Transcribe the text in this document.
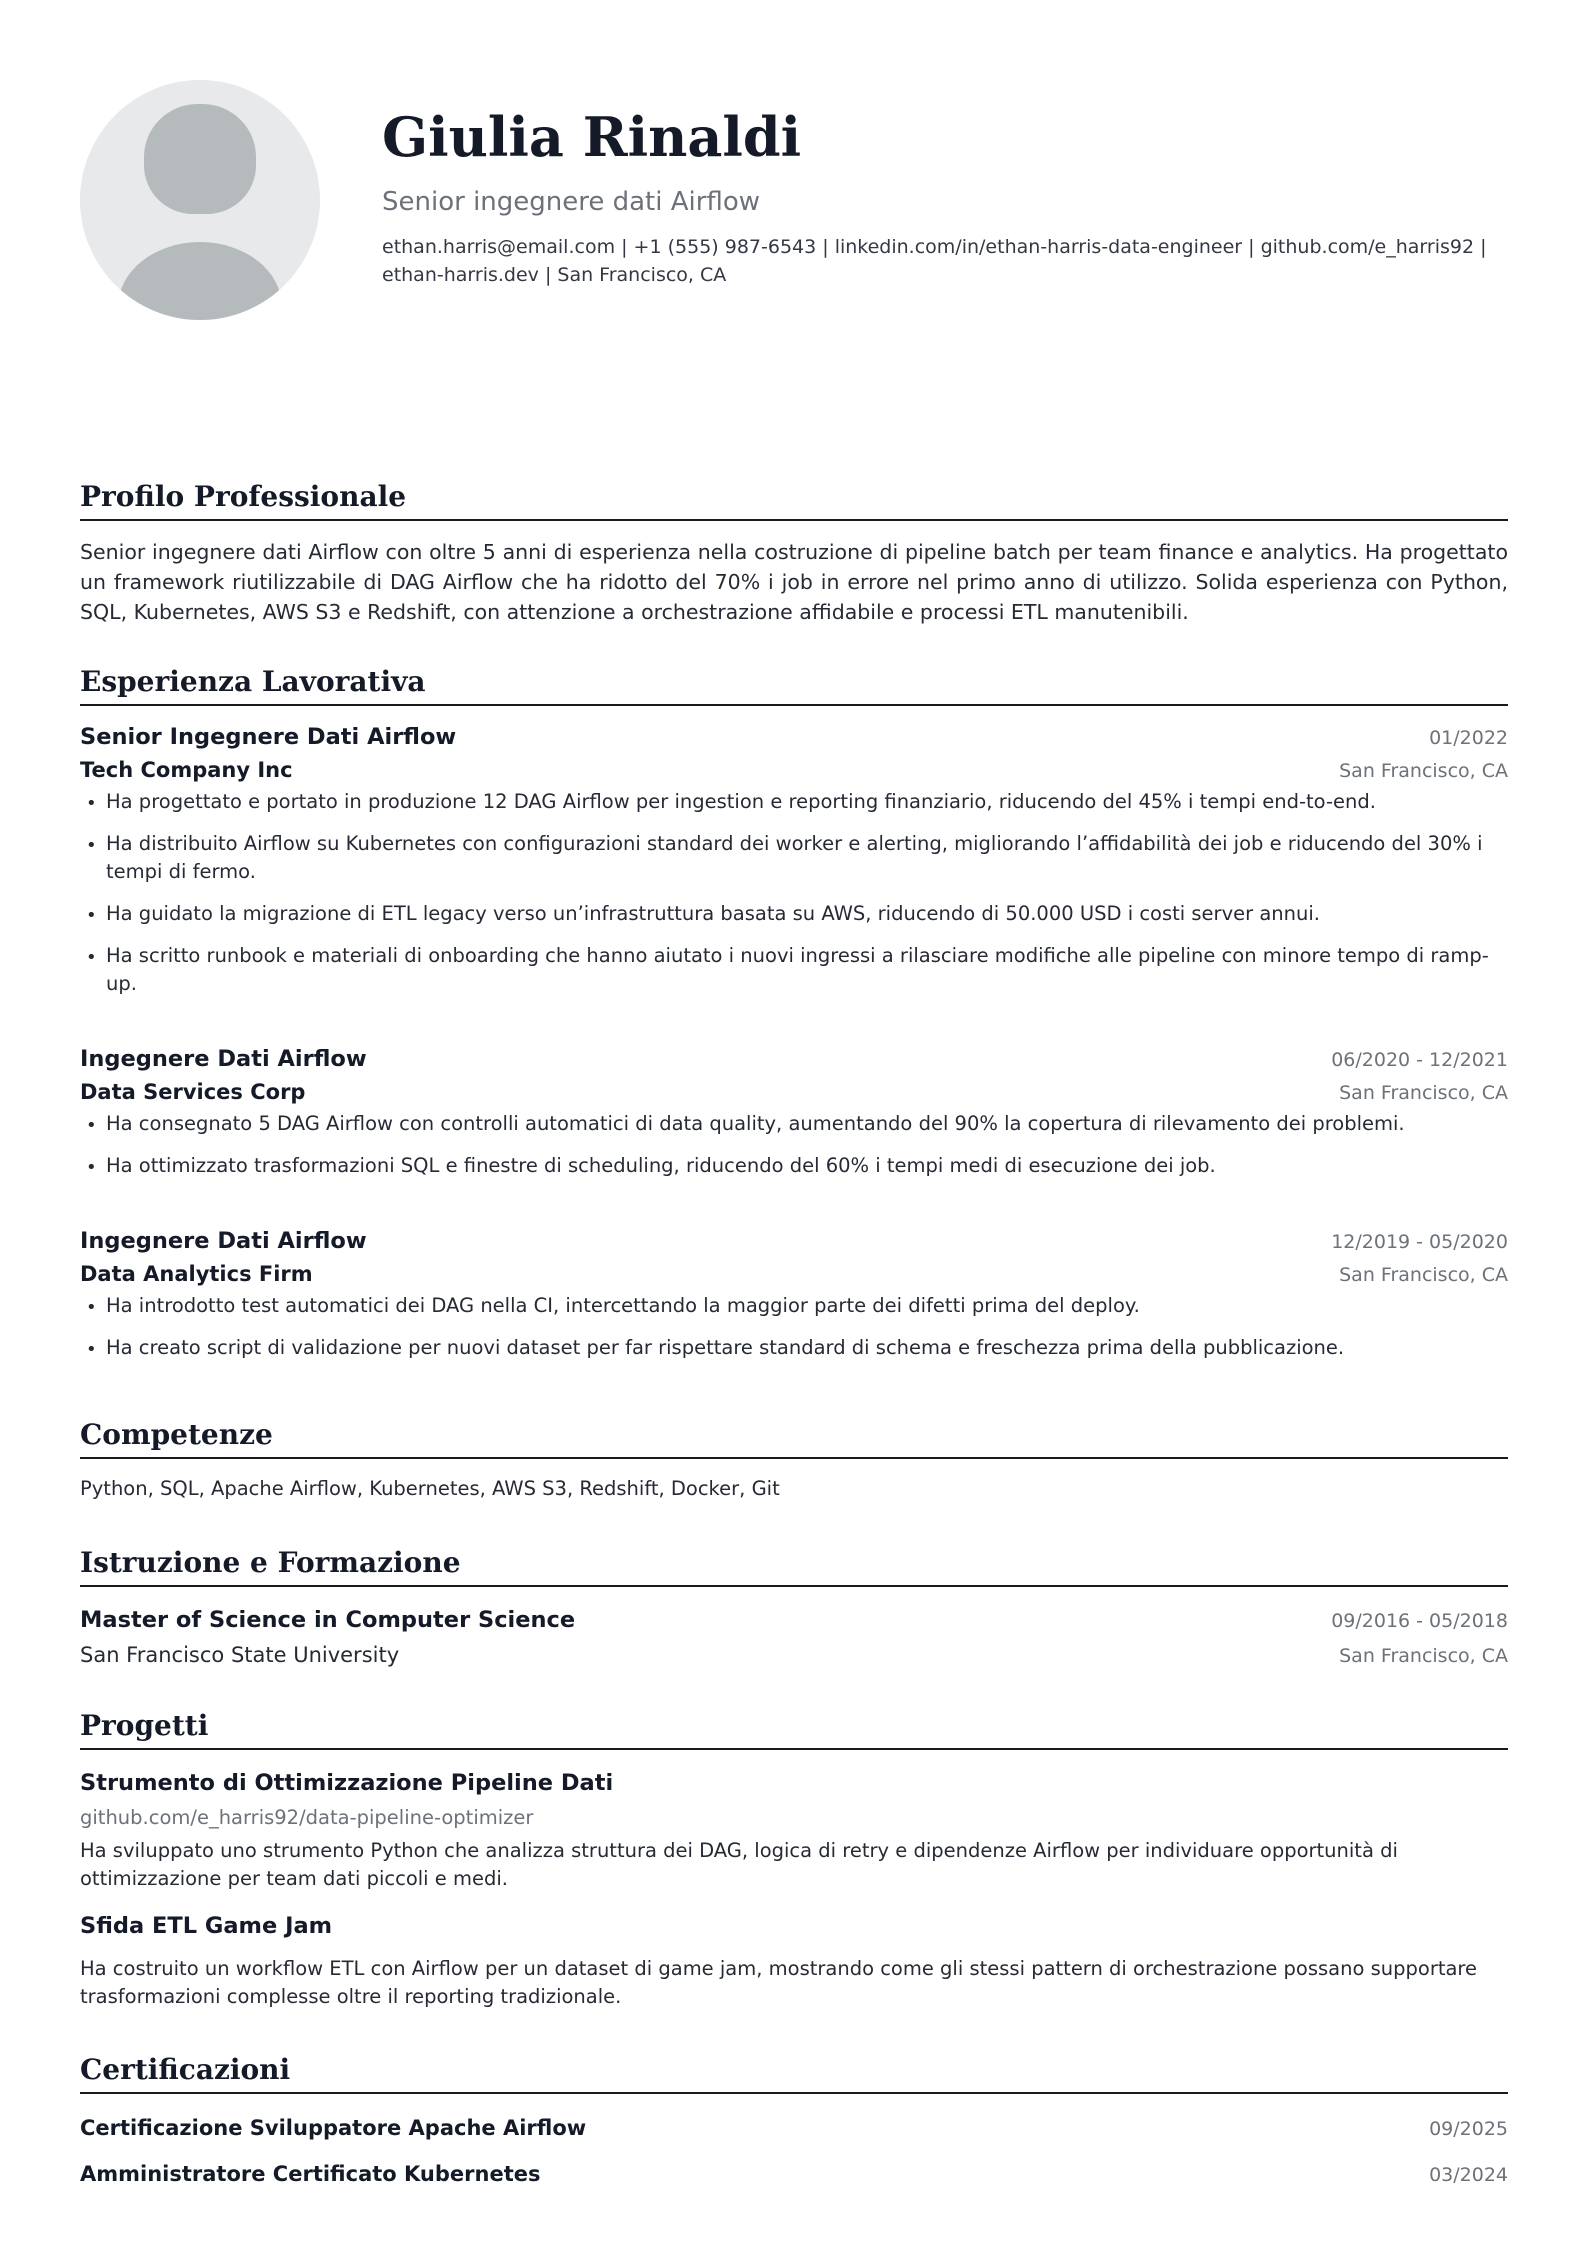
Giulia Rinaldi
Senior ingegnere dati Airflow
ethan.harris@email.com | +1 (555) 987-6543 | linkedin.com/in/ethan-harris-data-engineer | github.com/e_harris92 |
ethan-harris.dev | San Francisco, CA
Profilo Professionale
Senior ingegnere dati Airflow con oltre 5 anni di esperienza nella costruzione di pipeline batch per team finance e analytics. Ha progettato un framework riutilizzabile di DAG Airflow che ha ridotto del 70% i job in errore nel primo anno di utilizzo. Solida esperienza con Python, SQL, Kubernetes, AWS S3 e Redshift, con attenzione a orchestrazione affidabile e processi ETL manutenibili.
Esperienza Lavorativa
Senior Ingegnere Dati Airflow	01/2022
Tech Company Inc	San Francisco, CA
• Ha progettato e portato in produzione 12 DAG Airflow per ingestion e reporting finanziario, riducendo del 45% i tempi end-to-end.
• Ha distribuito Airflow su Kubernetes con configurazioni standard dei worker e alerting, migliorando l’affidabilità dei job e riducendo del 30% i tempi di fermo.
• Ha guidato la migrazione di ETL legacy verso un’infrastruttura basata su AWS, riducendo di 50.000 USD i costi server annui.
• Ha scritto runbook e materiali di onboarding che hanno aiutato i nuovi ingressi a rilasciare modifiche alle pipeline con minore tempo di ramp-up.
Ingegnere Dati Airflow	06/2020 - 12/2021
Data Services Corp	San Francisco, CA
• Ha consegnato 5 DAG Airflow con controlli automatici di data quality, aumentando del 90% la copertura di rilevamento dei problemi.
• Ha ottimizzato trasformazioni SQL e finestre di scheduling, riducendo del 60% i tempi medi di esecuzione dei job.
Ingegnere Dati Airflow	12/2019 - 05/2020
Data Analytics Firm	San Francisco, CA
• Ha introdotto test automatici dei DAG nella CI, intercettando la maggior parte dei difetti prima del deploy.
• Ha creato script di validazione per nuovi dataset per far rispettare standard di schema e freschezza prima della pubblicazione.
Competenze
Python, SQL, Apache Airflow, Kubernetes, AWS S3, Redshift, Docker, Git
Istruzione e Formazione
Master of Science in Computer Science	09/2016 - 05/2018
San Francisco State University	San Francisco, CA
Progetti
Strumento di Ottimizzazione Pipeline Dati
github.com/e_harris92/data-pipeline-optimizer
Ha sviluppato uno strumento Python che analizza struttura dei DAG, logica di retry e dipendenze Airflow per individuare opportunità di ottimizzazione per team dati piccoli e medi.
Sfida ETL Game Jam
Ha costruito un workflow ETL con Airflow per un dataset di game jam, mostrando come gli stessi pattern di orchestrazione possano supportare trasformazioni complesse oltre il reporting tradizionale.
Certificazioni
Certificazione Sviluppatore Apache Airflow	09/2025
Amministratore Certificato Kubernetes	03/2024
